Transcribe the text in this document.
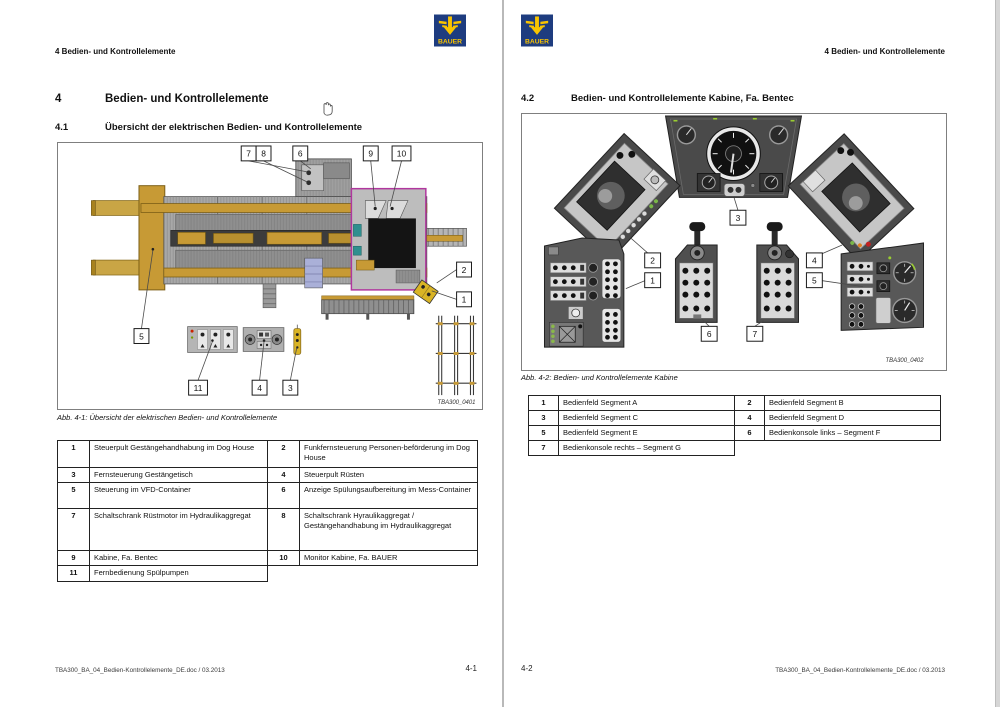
4 Bedien- und Kontrollelemente
BAUER
4	Bedien- und Kontrollelemente
4.1	Übersicht der elektrischen Bedien- und Kontrollelemente
7 8	6	9	10
2
1
5
11	4	3
TBA300_0401
Abb. 4-1: Übersicht der elektrischen Bedien- und Kontrollelemente
1	Steuerpult Gestängehandhabung im Dog House	2	Funkfernsteuerung Personen-beförderung im Dog House
3	Fernsteuerung Gestängetisch	4	Steuerpult Rüsten
5	Steuerung im VFD-Container	6	Anzeige Spülungsaufbereitung im Mess-Container
7	Schaltschrank Rüstmotor im Hydraulikaggregat	8	Schaltschrank Hyraulikaggregat / Gestängehandhabung im Hydraulikaggregat
9	Kabine, Fa. Bentec	10	Monitor Kabine, Fa. BAUER
11	Fernbedienung Spülpumpen		
TBA300_BA_04_Bedien-Kontrollelemente_DE.doc / 03.2013	4-1
BAUER
4 Bedien- und Kontrollelemente
4.2	Bedien- und Kontrollelemente Kabine, Fa. Bentec
3
2
1
4
5
6	7
TBA300_0402
Abb. 4-2: Bedien- und Kontrollelemente Kabine
1	Bedienfeld Segment A	2	Bedienfeld Segment B
3	Bedienfeld Segment C	4	Bedienfeld Segment D
5	Bedienfeld Segment E	6	Bedienkonsole links – Segment F
7	Bedienkonsole rechts – Segment G		
4-2	TBA300_BA_04_Bedien-Kontrollelemente_DE.doc / 03.2013
